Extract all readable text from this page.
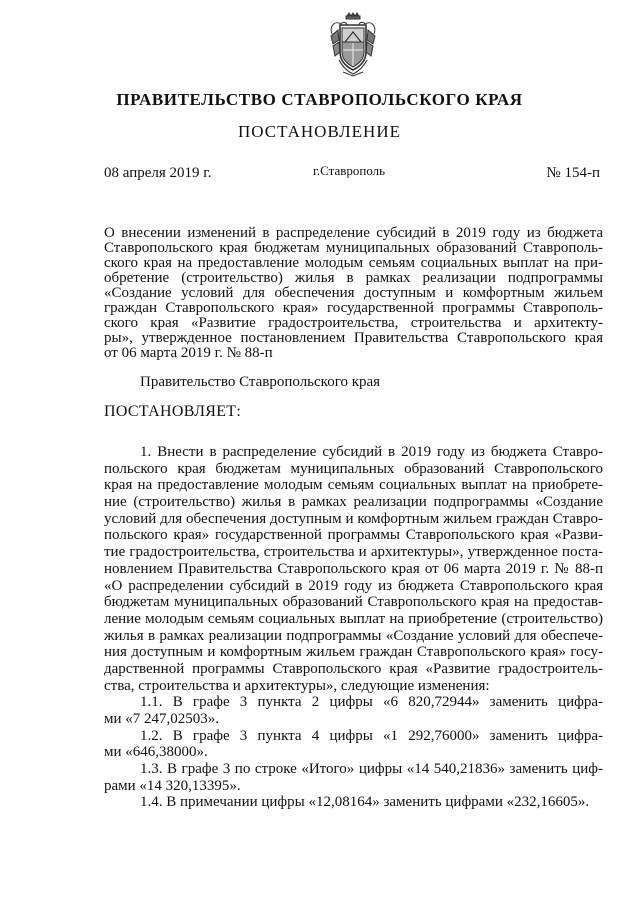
ПРАВИТЕЛЬСТВО СТАВРОПОЛЬСКОГО КРАЯ
ПОСТАНОВЛЕНИЕ
08 апреля 2019 г.	г.Ставрополь	№ 154-п
О внесении изменений в распределение субсидий в 2019 году из бюджета
Ставропольского края бюджетам муниципальных образований Ставрополь-
ского края на предоставление молодым семьям социальных выплат на при-
обретение (строительство) жилья в рамках реализации подпрограммы
«Создание условий для обеспечения доступным и комфортным жильем
граждан Ставропольского края» государственной программы Ставрополь-
ского края «Развитие градостроительства, строительства и архитекту-
ры», утвержденное постановлением Правительства Ставропольского края
от 06 марта 2019 г. № 88-п
Правительство Ставропольского края
ПОСТАНОВЛЯЕТ:
1. Внести в распределение субсидий в 2019 году из бюджета Ставро-
польского края бюджетам муниципальных образований Ставропольского
края на предоставление молодым семьям социальных выплат на приобрете-
ние (строительство) жилья в рамках реализации подпрограммы «Создание
условий для обеспечения доступным и комфортным жильем граждан Ставро-
польского края» государственной программы Ставропольского края «Разви-
тие градостроительства, строительства и архитектуры», утвержденное поста-
новлением Правительства Ставропольского края от 06 марта 2019 г. № 88-п
«О распределении субсидий в 2019 году из бюджета Ставропольского края
бюджетам муниципальных образований Ставропольского края на предостав-
ление молодым семьям социальных выплат на приобретение (строительство)
жилья в рамках реализации подпрограммы «Создание условий для обеспече-
ния доступным и комфортным жильем граждан Ставропольского края» госу-
дарственной программы Ставропольского края «Развитие градостроитель-
ства, строительства и архитектуры», следующие изменения:
1.1. В графе 3 пункта 2 цифры «6 820,72944» заменить цифра-
ми «7 247,02503».
1.2. В графе 3 пункта 4 цифры «1 292,76000» заменить цифра-
ми «646,38000».
1.3. В графе 3 по строке «Итого» цифры «14 540,21836» заменить циф-
рами «14 320,13395».
1.4. В примечании цифры «12,08164» заменить цифрами «232,16605».
